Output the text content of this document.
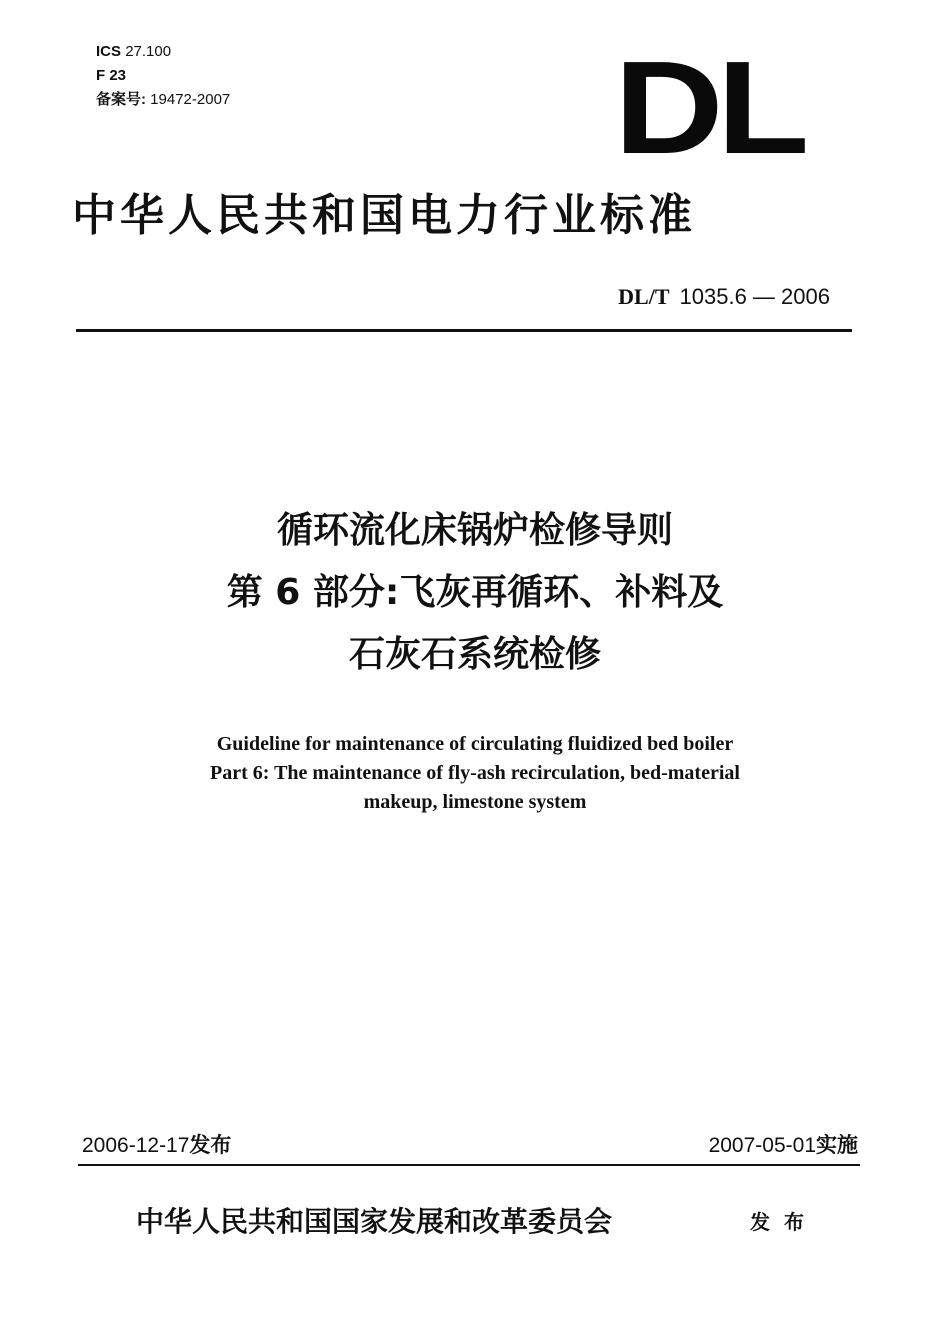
ICS 27.100
F 23
备案号: 19472-2007	DL
中华人民共和国电力行业标准
DL/T 1035.6 — 2006
循环流化床锅炉检修导则
第 6 部分:飞灰再循环、补料及
石灰石系统检修
Guideline for maintenance of circulating fluidized bed boiler
Part 6: The maintenance of fly-ash recirculation, bed-material
makeup, limestone system
2006-12-17发布	2007-05-01实施
中华人民共和国国家发展和改革委员会	发布
